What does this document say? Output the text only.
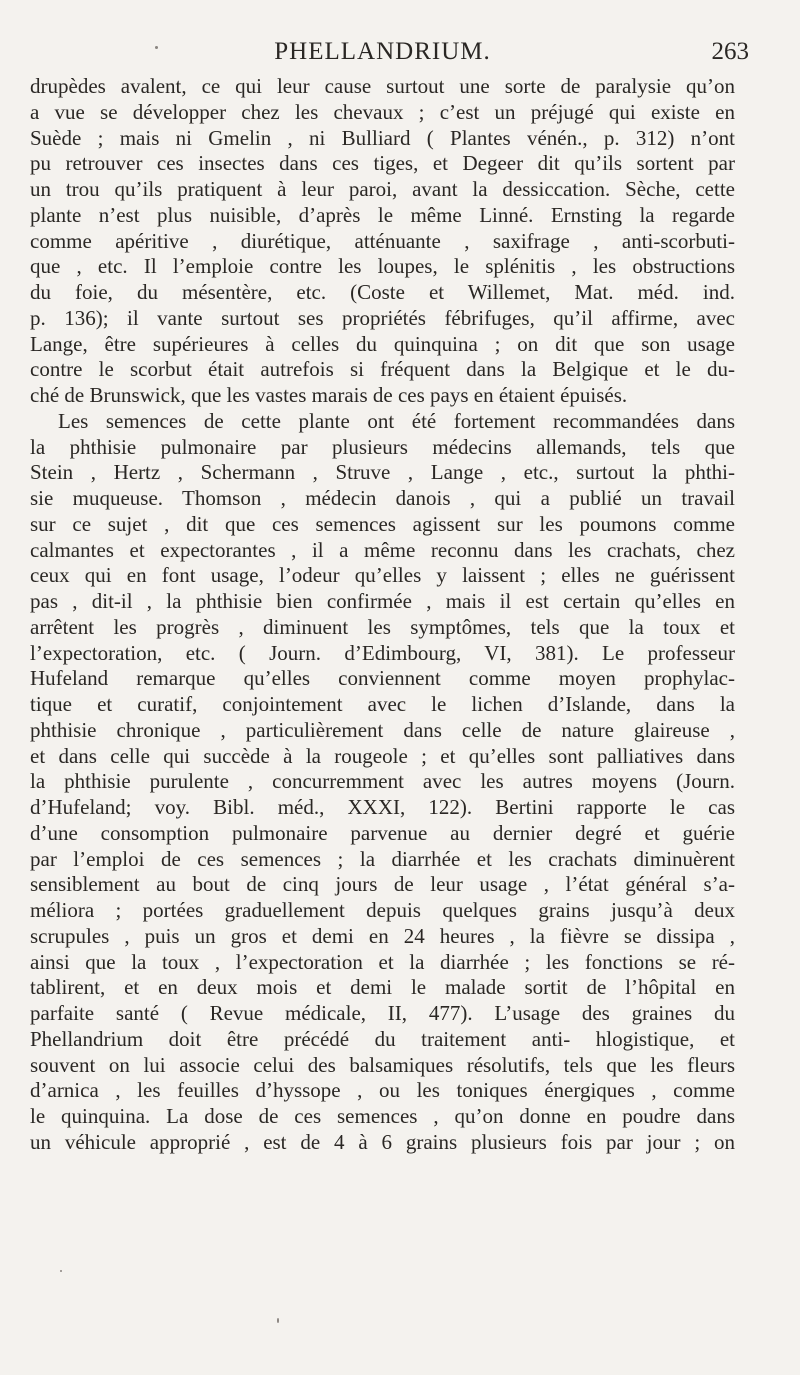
PHELLANDRIUM.	263
drupèdes avalent, ce qui leur cause surtout une sorte de paralysie qu’on
a vue se développer chez les chevaux ; c’est un préjugé qui existe en
Suède ; mais ni Gmelin , ni Bulliard ( Plantes vénén., p. 312) n’ont
pu retrouver ces insectes dans ces tiges, et Degeer dit qu’ils sortent par
un trou qu’ils pratiquent à leur paroi, avant la dessiccation. Sèche, cette
plante n’est plus nuisible, d’après le même Linné. Ernsting la regarde
comme apéritive , diurétique, atténuante , saxifrage , anti-scorbuti-
que , etc. Il l’emploie contre les loupes, le splénitis , les obstructions
du foie, du mésentère, etc. (Coste et Willemet, Mat. méd. ind.
p. 136); il vante surtout ses propriétés fébrifuges, qu’il affirme, avec
Lange, être supérieures à celles du quinquina ; on dit que son usage
contre le scorbut était autrefois si fréquent dans la Belgique et le du-
ché de Brunswick, que les vastes marais de ces pays en étaient épuisés.
Les semences de cette plante ont été fortement recommandées dans
la phthisie pulmonaire par plusieurs médecins allemands, tels que
Stein , Hertz , Schermann , Struve , Lange , etc., surtout la phthi-
sie muqueuse. Thomson , médecin danois , qui a publié un travail
sur ce sujet , dit que ces semences agissent sur les poumons comme
calmantes et expectorantes , il a même reconnu dans les crachats, chez
ceux qui en font usage, l’odeur qu’elles y laissent ; elles ne guérissent
pas , dit-il , la phthisie bien confirmée , mais il est certain qu’elles en
arrêtent les progrès , diminuent les symptômes, tels que la toux et
l’expectoration, etc. ( Journ. d’Edimbourg, VI, 381). Le professeur
Hufeland remarque qu’elles conviennent comme moyen prophylac-
tique et curatif, conjointement avec le lichen d’Islande, dans la
phthisie chronique , particulièrement dans celle de nature glaireuse ,
et dans celle qui succède à la rougeole ; et qu’elles sont palliatives dans
la phthisie purulente , concurremment avec les autres moyens (Journ.
d’Hufeland; voy. Bibl. méd., XXXI, 122). Bertini rapporte le cas
d’une consomption pulmonaire parvenue au dernier degré et guérie
par l’emploi de ces semences ; la diarrhée et les crachats diminuèrent
sensiblement au bout de cinq jours de leur usage , l’état général s’a-
méliora ; portées graduellement depuis quelques grains jusqu’à deux
scrupules , puis un gros et demi en 24 heures , la fièvre se dissipa ,
ainsi que la toux , l’expectoration et la diarrhée ; les fonctions se ré-
tablirent, et en deux mois et demi le malade sortit de l’hôpital en
parfaite santé ( Revue médicale, II, 477). L’usage des graines du
Phellandrium doit être précédé du traitement anti- hlogistique, et
souvent on lui associe celui des balsamiques résolutifs, tels que les fleurs
d’arnica , les feuilles d’hyssope , ou les toniques énergiques , comme
le quinquina. La dose de ces semences , qu’on donne en poudre dans
un véhicule approprié , est de 4 à 6 grains plusieurs fois par jour ; on
